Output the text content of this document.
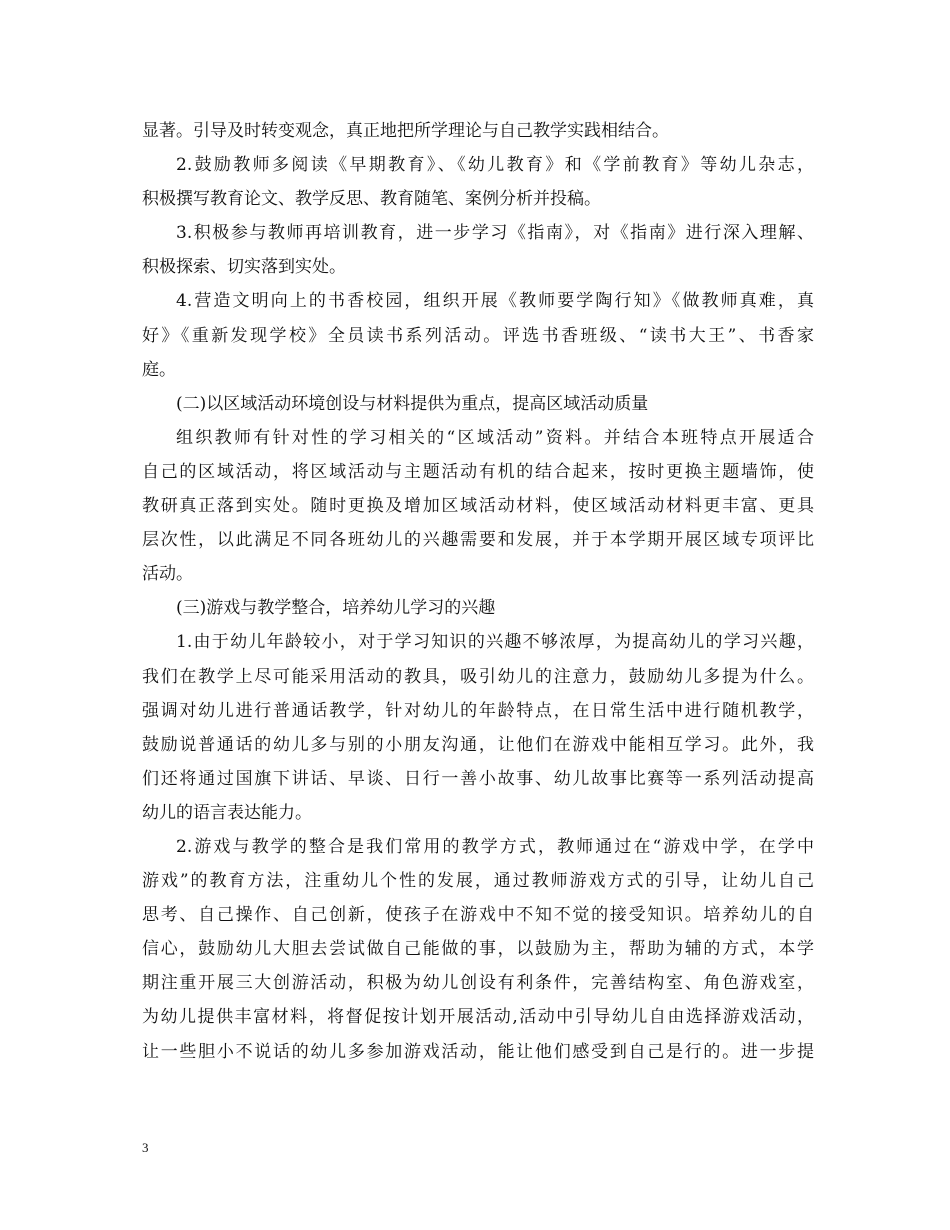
显著。引导及时转变观念，真正地把所学理论与自己教学实践相结合。
2.鼓励教师多阅读《早期教育》、《幼儿教育》和《学前教育》等幼儿杂志，
积极撰写教育论文、教学反思、教育随笔、案例分析并投稿。
3.积极参与教师再培训教育，进一步学习《指南》，对《指南》进行深入理解、
积极探索、切实落到实处。
4.营造文明向上的书香校园，组织开展《教师要学陶行知》《做教师真难，真
好》《重新发现学校》全员读书系列活动。评选书香班级、“读书大王”、书香家
庭。
(二)以区域活动环境创设与材料提供为重点，提高区域活动质量
组织教师有针对性的学习相关的“区域活动”资料。并结合本班特点开展适合
自己的区域活动，将区域活动与主题活动有机的结合起来，按时更换主题墙饰，使
教研真正落到实处。随时更换及增加区域活动材料，使区域活动材料更丰富、更具
层次性，以此满足不同各班幼儿的兴趣需要和发展，并于本学期开展区域专项评比
活动。
(三)游戏与教学整合，培养幼儿学习的兴趣
1.由于幼儿年龄较小，对于学习知识的兴趣不够浓厚，为提高幼儿的学习兴趣，
我们在教学上尽可能采用活动的教具，吸引幼儿的注意力，鼓励幼儿多提为什么。
强调对幼儿进行普通话教学，针对幼儿的年龄特点，在日常生活中进行随机教学，
鼓励说普通话的幼儿多与别的小朋友沟通，让他们在游戏中能相互学习。此外，我
们还将通过国旗下讲话、早谈、日行一善小故事、幼儿故事比赛等一系列活动提高
幼儿的语言表达能力。
2.游戏与教学的整合是我们常用的教学方式，教师通过在“游戏中学，在学中
游戏”的教育方法，注重幼儿个性的发展，通过教师游戏方式的引导，让幼儿自己
思考、自己操作、自己创新，使孩子在游戏中不知不觉的接受知识。培养幼儿的自
信心，鼓励幼儿大胆去尝试做自己能做的事，以鼓励为主，帮助为辅的方式，本学
期注重开展三大创游活动，积极为幼儿创设有利条件，完善结构室、角色游戏室，
为幼儿提供丰富材料，将督促按计划开展活动,活动中引导幼儿自由选择游戏活动，
让一些胆小不说话的幼儿多参加游戏活动，能让他们感受到自己是行的。进一步提
3
